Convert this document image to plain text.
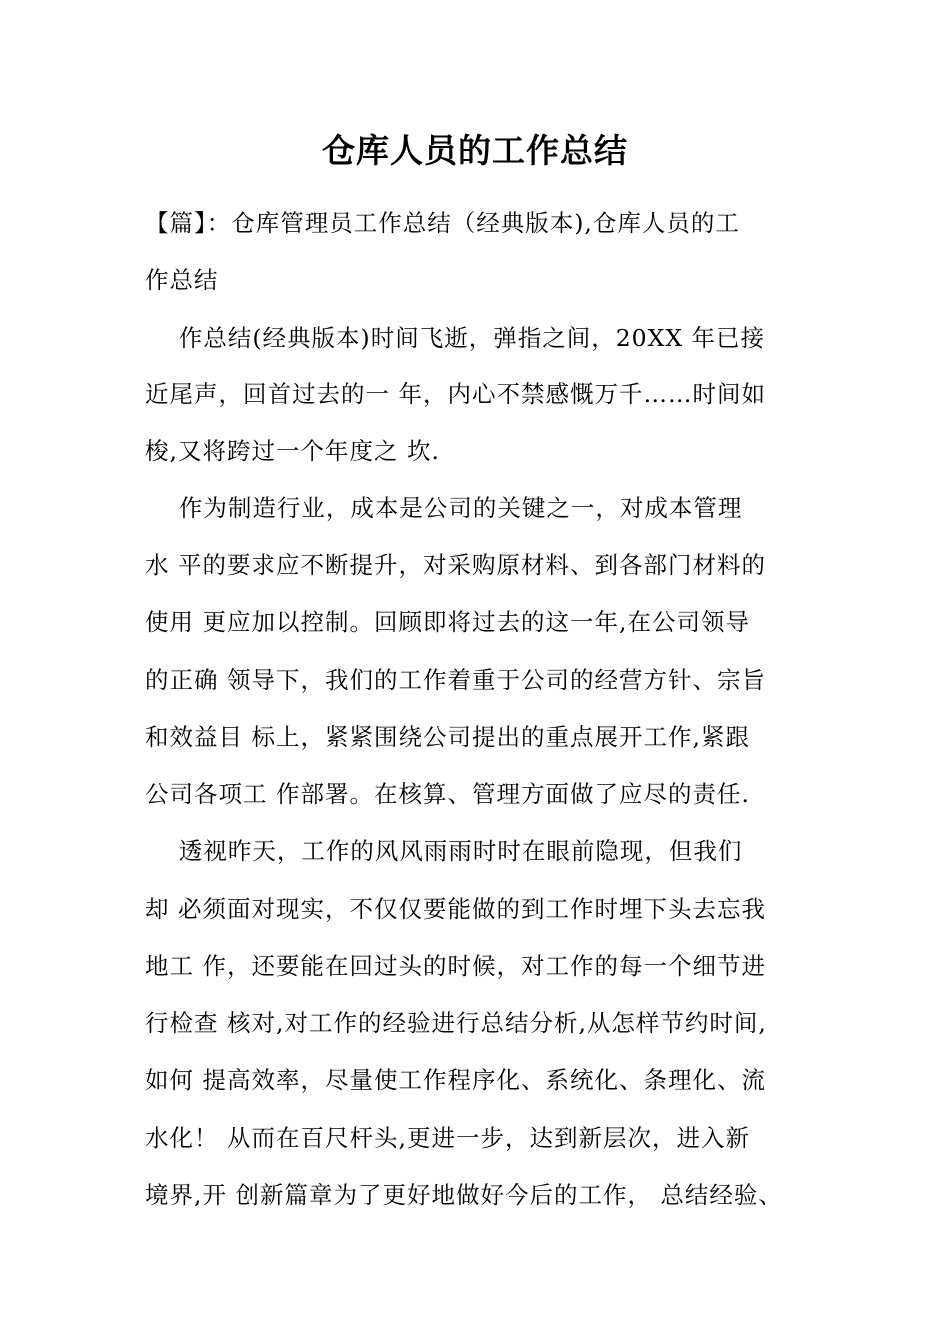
仓库人员的工作总结
【篇】：仓库管理员工作总结（经典版本),仓库人员的工
作总结
作总结(经典版本)时间飞逝，弹指之间，20XX 年已接
近尾声，回首过去的一 年，内心不禁感慨万千……时间如
梭,又将跨过一个年度之 坎.
作为制造行业，成本是公司的关键之一，对成本管理
水 平的要求应不断提升，对采购原材料、到各部门材料的
使用 更应加以控制。回顾即将过去的这一年,在公司领导
的正确 领导下，我们的工作着重于公司的经营方针、宗旨
和效益目 标上，紧紧围绕公司提出的重点展开工作,紧跟
公司各项工 作部署。在核算、管理方面做了应尽的责任.
透视昨天，工作的风风雨雨时时在眼前隐现，但我们
却 必须面对现实，不仅仅要能做的到工作时埋下头去忘我
地工 作，还要能在回过头的时候，对工作的每一个细节进
行检查 核对,对工作的经验进行总结分析,从怎样节约时间,
如何 提高效率，尽量使工作程序化、系统化、条理化、流
水化！ 从而在百尺杆头,更进一步，达到新层次，进入新
境界,开 创新篇章为了更好地做好今后的工作， 总结经验、
